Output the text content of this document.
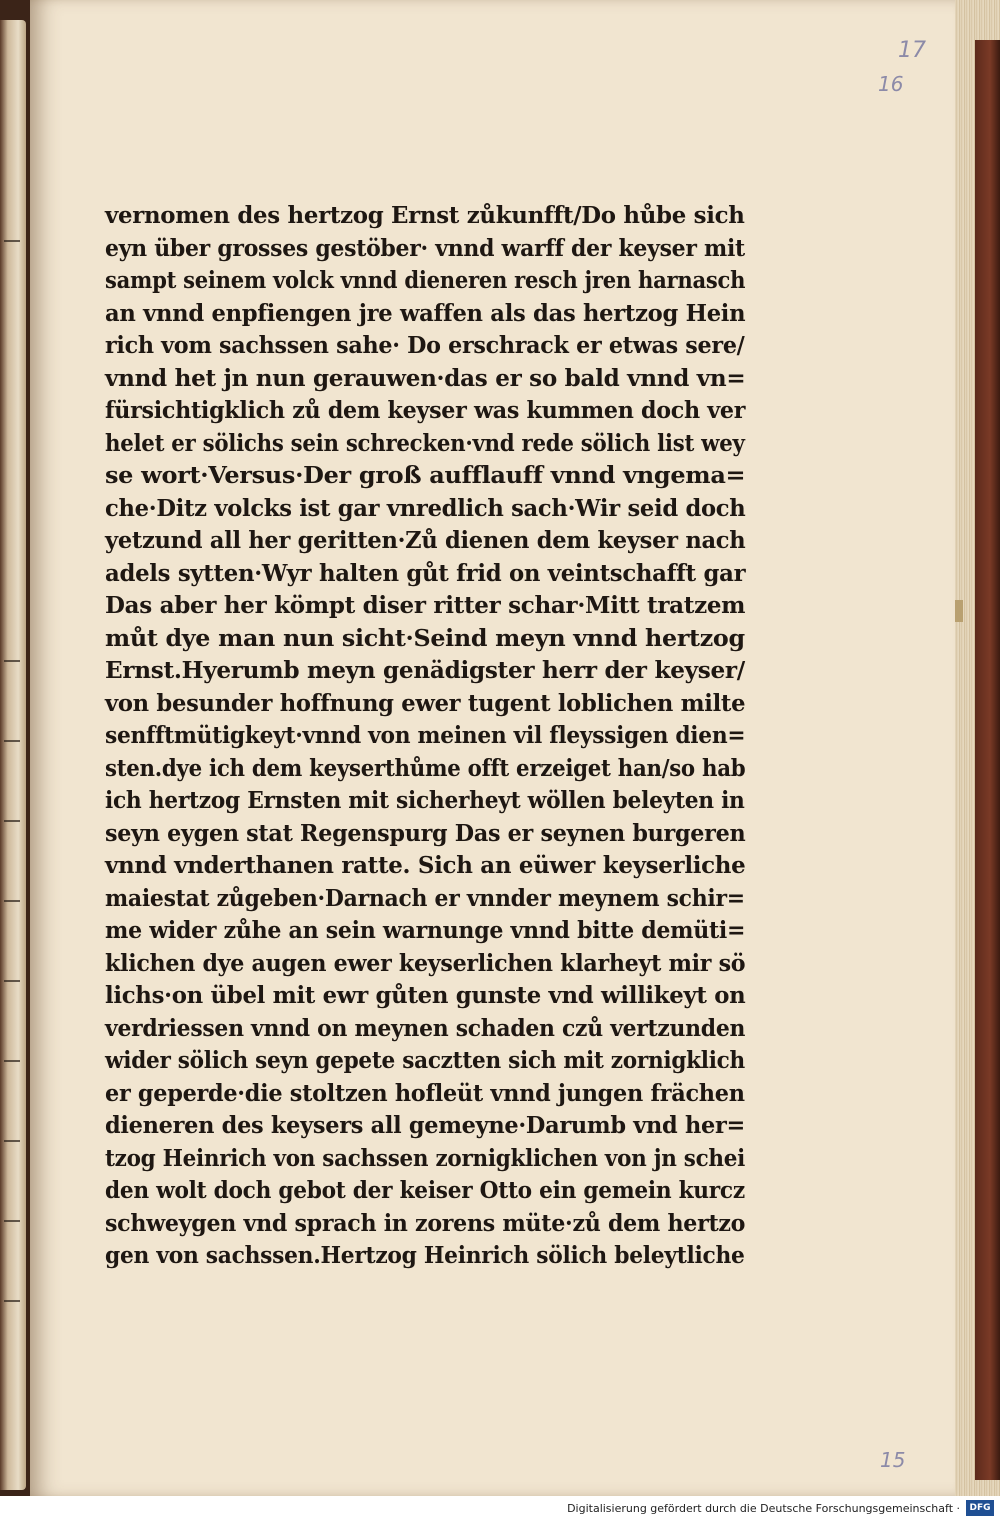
17
16
15
vernomen des hertzog Ernst zůkunfft/Do hůbe sich
eyn über grosses gestöber· vnnd warff der keyser mit
sampt seinem volck vnnd dieneren resch jren harnasch
an vnnd enpfiengen jre waffen als das hertzog Hein
rich vom sachssen sahe· Do erschrack er etwas sere/
vnnd het jn nun gerauwen·das er so bald vnnd vn=
fürsichtigklich zů dem keyser was kummen doch ver
helet er sölichs sein schrecken·vnd rede sölich list wey
se wort·Versus·Der groß aufflauff vnnd vngema=
che·Ditz volcks ist gar vnredlich sach·Wir seid doch
yetzund all her geritten·Zů dienen dem keyser nach
adels sytten·Wyr halten gůt frid on veintschafft gar
Das aber her kömpt diser ritter schar·Mitt tratzem
můt dye man nun sicht·Seind meyn vnnd hertzog
Ernst.Hyerumb meyn genädigster herr der keyser/
von besunder hoffnung ewer tugent loblichen milte
senfftmütigkeyt·vnnd von meinen vil fleyssigen dien=
sten.dye ich dem keyserthůme offt erzeiget han/so hab
ich hertzog Ernsten mit sicherheyt wöllen beleyten in
seyn eygen stat Regenspurg Das er seynen burgeren
vnnd vnderthanen ratte. Sich an eüwer keyserliche
maiestat zůgeben·Darnach er vnnder meynem schir=
me wider zůhe an sein warnunge vnnd bitte demüti=
klichen dye augen ewer keyserlichen klarheyt mir sö
lichs·on übel mit ewr gůten gunste vnd willikeyt on
verdriessen vnnd on meynen schaden czů vertzunden
wider sölich seyn gepete sacztten sich mit zornigklich
er geperde·die stoltzen hofleüt vnnd jungen frächen
dieneren des keysers all gemeyne·Darumb vnd her=
tzog Heinrich von sachssen zornigklichen von jn schei
den wolt doch gebot der keiser Otto ein gemein kurcz
schweygen vnd sprach in zorens müte·zů dem hertzo
gen von sachssen.Hertzog Heinrich sölich beleytliche
Digitalisierung gefördert durch die Deutsche Forschungsgemeinschaft ·	DFG
